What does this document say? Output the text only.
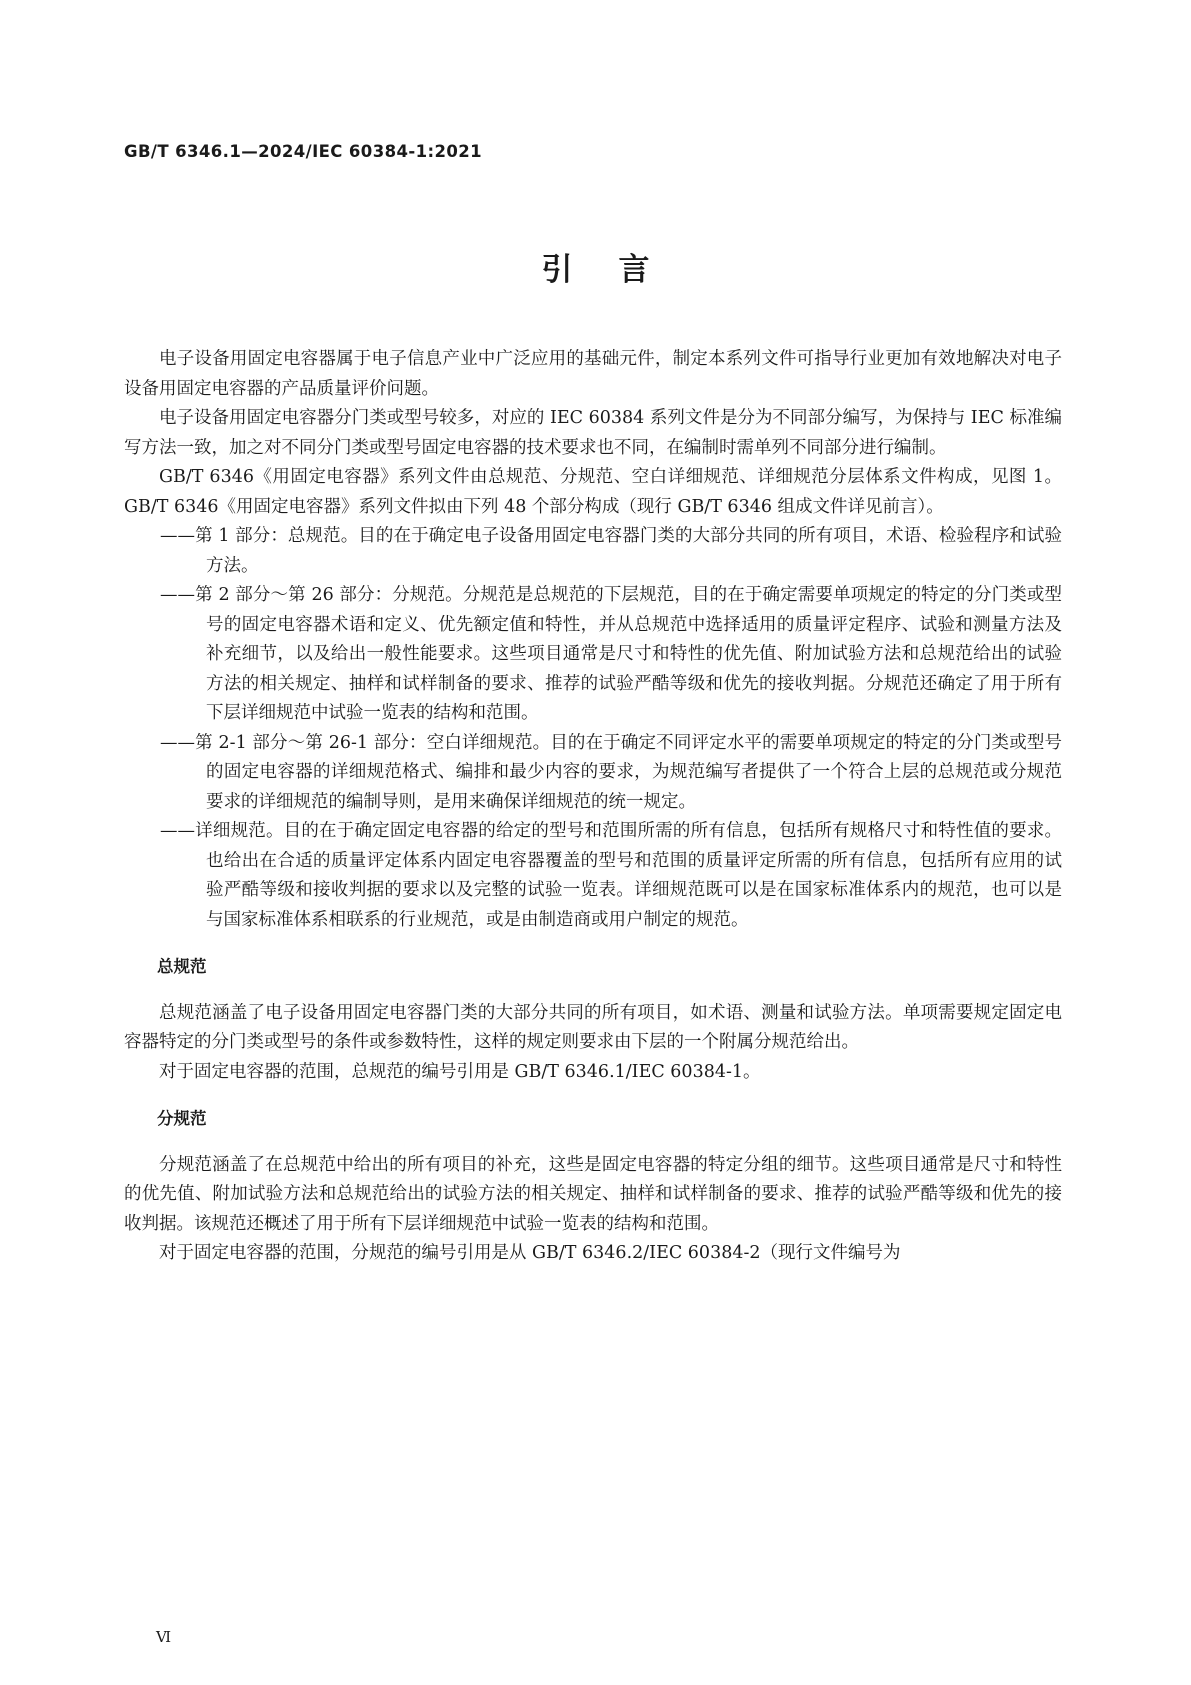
GB/T 6346.1—2024/IEC 60384-1:2021
引言

电子设备用固定电容器属于电子信息产业中广泛应用的基础元件，制定本系列文件可指导行业更加有效地解决对电子设备用固定电容器的产品质量评价问题。

电子设备用固定电容器分门类或型号较多，对应的 IEC 60384 系列文件是分为不同部分编写，为保持与 IEC 标准编写方法一致，加之对不同分门类或型号固定电容器的技术要求也不同，在编制时需单列不同部分进行编制。

GB/T 6346《用固定电容器》系列文件由总规范、分规范、空白详细规范、详细规范分层体系文件构成，见图 1。GB/T 6346《用固定电容器》系列文件拟由下列 48 个部分构成（现行 GB/T 6346 组成文件详见前言）。

——第 1 部分：总规范。目的在于确定电子设备用固定电容器门类的大部分共同的所有项目，术语、检验程序和试验方法。
——第 2 部分～第 26 部分：分规范。分规范是总规范的下层规范，目的在于确定需要单项规定的特定的分门类或型号的固定电容器术语和定义、优先额定值和特性，并从总规范中选择适用的质量评定程序、试验和测量方法及补充细节，以及给出一般性能要求。这些项目通常是尺寸和特性的优先值、附加试验方法和总规范给出的试验方法的相关规定、抽样和试样制备的要求、推荐的试验严酷等级和优先的接收判据。分规范还确定了用于所有下层详细规范中试验一览表的结构和范围。
——第 2-1 部分～第 26-1 部分：空白详细规范。目的在于确定不同评定水平的需要单项规定的特定的分门类或型号的固定电容器的详细规范格式、编排和最少内容的要求，为规范编写者提供了一个符合上层的总规范或分规范要求的详细规范的编制导则，是用来确保详细规范的统一规定。
——详细规范。目的在于确定固定电容器的给定的型号和范围所需的所有信息，包括所有规格尺寸和特性值的要求。也给出在合适的质量评定体系内固定电容器覆盖的型号和范围的质量评定所需的所有信息，包括所有应用的试验严酷等级和接收判据的要求以及完整的试验一览表。详细规范既可以是在国家标准体系内的规范，也可以是与国家标准体系相联系的行业规范，或是由制造商或用户制定的规范。
总规范

总规范涵盖了电子设备用固定电容器门类的大部分共同的所有项目，如术语、测量和试验方法。单项需要规定固定电容器特定的分门类或型号的条件或参数特性，这样的规定则要求由下层的一个附属分规范给出。

对于固定电容器的范围，总规范的编号引用是 GB/T 6346.1/IEC 60384-1。

分规范

分规范涵盖了在总规范中给出的所有项目的补充，这些是固定电容器的特定分组的细节。这些项目通常是尺寸和特性的优先值、附加试验方法和总规范给出的试验方法的相关规定、抽样和试样制备的要求、推荐的试验严酷等级和优先的接收判据。该规范还概述了用于所有下层详细规范中试验一览表的结构和范围。

对于固定电容器的范围，分规范的编号引用是从 GB/T 6346.2/IEC 60384-2（现行文件编号为

Ⅵ
